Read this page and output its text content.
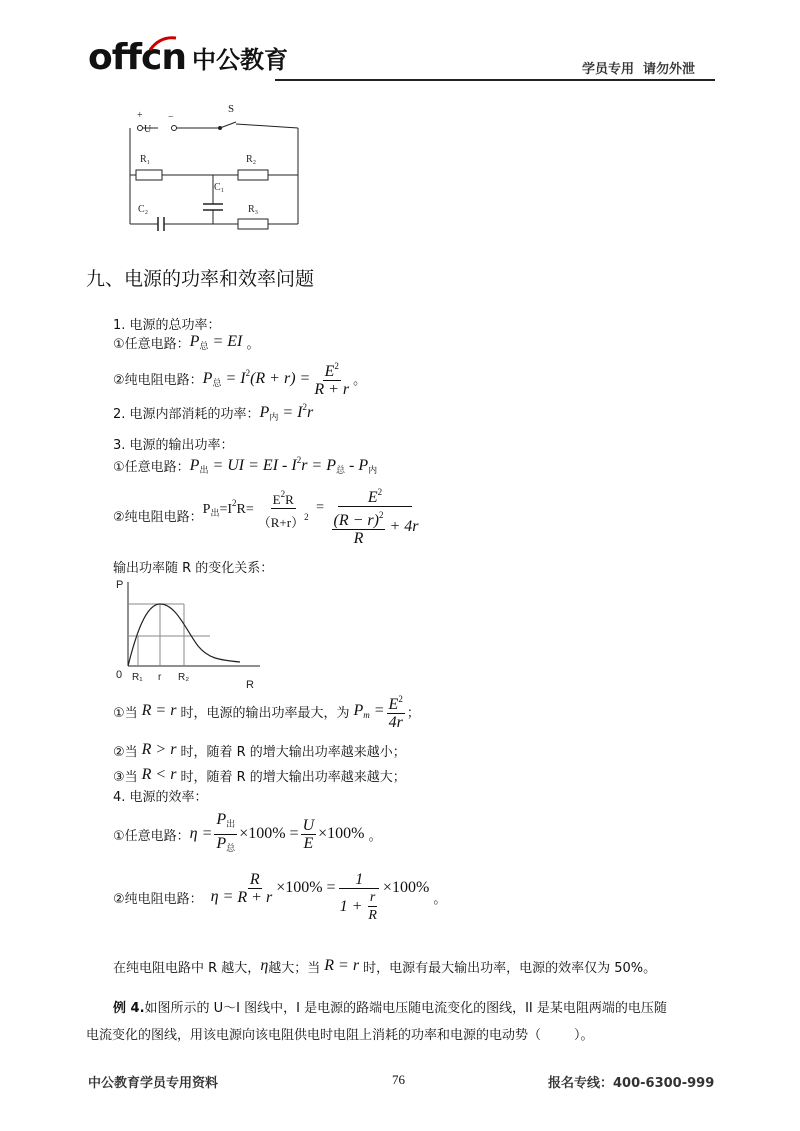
offcn 中公教育	学员专用  请勿外泄
+
U
−
S
R₁	R₂
C₁
C₂	R₃
九、电源的功率和效率问题
1. 电源的总功率：
①任意电路： $P_总$ = EI 。
②纯电阻电路： $P_总 = I^2(R + r) = \frac{E^2}{R + r}$ 。
2. 电源内部消耗的功率： $P_内 = I^2r$
3. 电源的输出功率：
①任意电路： $P_出$ = UI = EI - $I^2r = P_总 - P_内$
②纯电阻电路：
$P_出=I^2R= \frac{E^2R}{(R+r)^2} = \frac{E^2}{\frac{(R - r)^2}{R} + 4r}$
输出功率随 R 的变化关系：
P
R
0 R₁ r R₂
①当 R = r 时，电源的输出功率最大，为 $P_m = \frac{E^2}{4r}$ ；
②当 R > r 时，随着 R 的增大输出功率越来越小；
③当 R < r 时，随着 R 的增大输出功率越来越大；
4. 电源的效率：
①任意电路： $\eta = \frac{P_出}{P_总} \times 100\% = \frac{U}{E} \times 100\%$ 。
②纯电阻电路： $\eta = \frac{R}{R + r} \times 100\% = \frac{1}{1 + \frac{r}{R}} \times 100\%$
。
在纯电阻电路中 R 越大， η 越大；当 R = r 时，电源有最大输出功率，电源的效率仅为 50%。
例 4.如图所示的 U～I 图线中，I 是电源的路端电压随电流变化的图线，II 是某电阻两端的电压随
电流变化的图线，用该电源向该电阻供电时电阻上消耗的功率和电源的电动势（        ）。
中公教育学员专用资料	76	报名专线：400-6300-999
